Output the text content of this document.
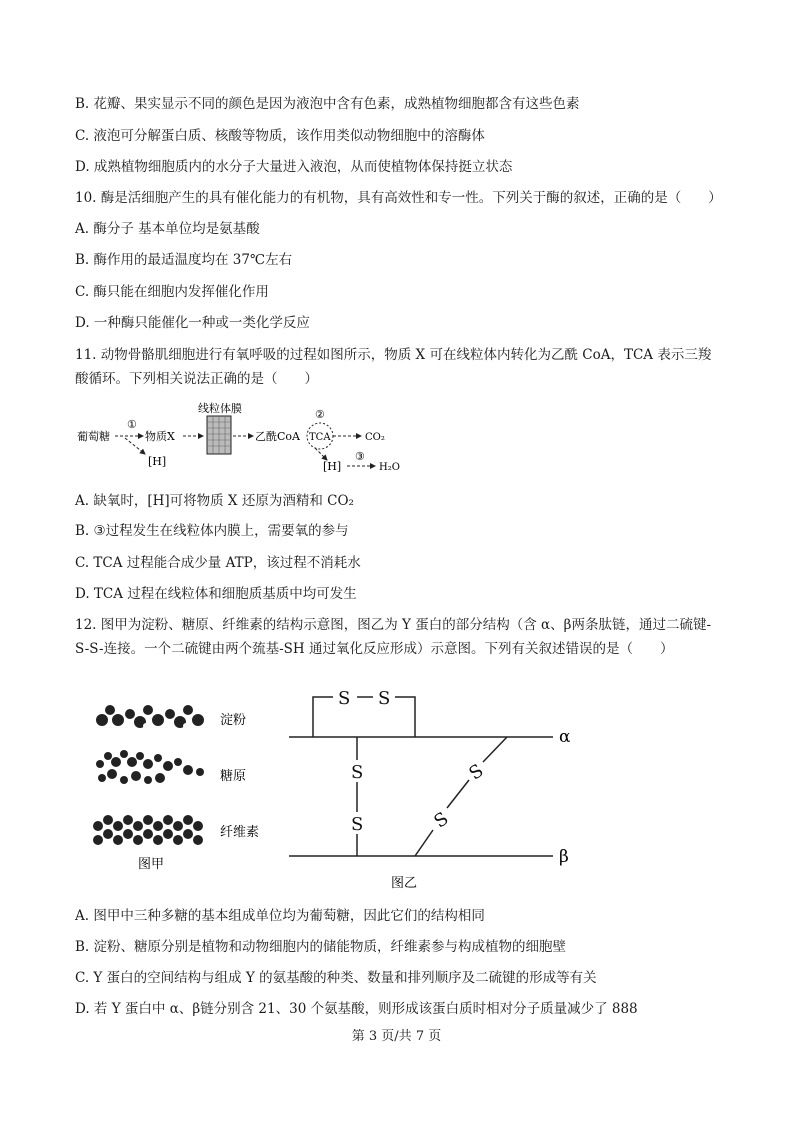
B. 花瓣、果实显示不同的颜色是因为液泡中含有色素，成熟植物细胞都含有这些色素
C. 液泡可分解蛋白质、核酸等物质，该作用类似动物细胞中的溶酶体
D. 成熟植物细胞质内的水分子大量进入液泡，从而使植物体保持挺立状态
10. 酶是活细胞产生的具有催化能力的有机物，具有高效性和专一性。下列关于酶的叙述，正确的是（　　）
A. 酶分子 基本单位均是氨基酸
B. 酶作用的最适温度均在 37℃左右
C. 酶只能在细胞内发挥催化作用
D. 一种酶只能催化一种或一类化学反应
11. 动物骨骼肌细胞进行有氧呼吸的过程如图所示，物质 X 可在线粒体内转化为乙酰 CoA，TCA 表示三羧酸循环。下列相关说法正确的是（　　）
葡萄糖
①
[H]
物质X
线粒体膜
乙酰CoA TCA
②
CO₂
[H]
③
H₂O
A. 缺氧时，[H]可将物质 X 还原为酒精和 CO₂
B. ③过程发生在线粒体内膜上，需要氧的参与
C. TCA 过程能合成少量 ATP，该过程不消耗水
D. TCA 过程在线粒体和细胞质基质中均可发生
12. 图甲为淀粉、糖原、纤维素的结构示意图，图乙为 Y 蛋白的部分结构（含 α、β两条肽链，通过二硫键-S-S-连接。一个二硫键由两个巯基-SH 通过氧化反应形成）示意图。下列有关叙述错误的是（　　）
淀粉
糖原
纤维素
图甲
S S
S
S	S
S
α
β
图乙
A. 图甲中三种多糖的基本组成单位均为葡萄糖，因此它们的结构相同
B. 淀粉、糖原分别是植物和动物细胞内的储能物质，纤维素参与构成植物的细胞壁
C. Y 蛋白的空间结构与组成 Y 的氨基酸的种类、数量和排列顺序及二硫键的形成等有关
D. 若 Y 蛋白中 α、β链分别含 21、30 个氨基酸，则形成该蛋白质时相对分子质量减少了 888
第 3 页/共 7 页
